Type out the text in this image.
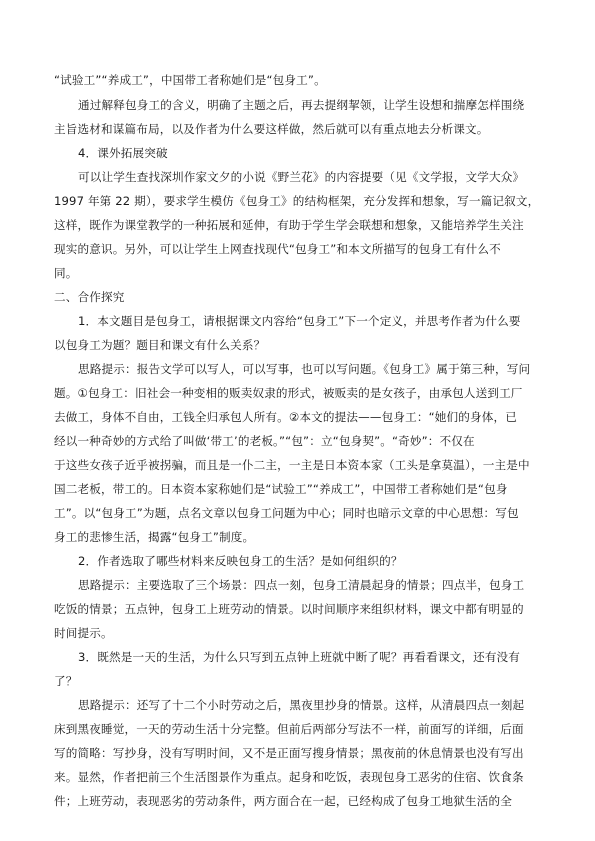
“试验工”“养成工”，中国带工者称她们是“包身工”。
通过解释包身工的含义，明确了主题之后，再去提纲挈领，让学生设想和揣摩怎样围绕
主旨选材和谋篇布局，以及作者为什么要这样做，然后就可以有重点地去分析课文。
4．课外拓展突破
可以让学生查找深圳作家文夕的小说《野兰花》的内容提要（见《文学报，文学大众》
1997 年第 22 期），要求学生模仿《包身工》的结构框架，充分发挥和想象，写一篇记叙文，
这样，既作为课堂教学的一种拓展和延伸，有助于学生学会联想和想象，又能培养学生关注
现实的意识。另外，可以让学生上网查找现代“包身工”和本文所描写的包身工有什么不
同。
二、合作探究
1．本文题目是包身工，请根据课文内容给“包身工”下一个定义，并思考作者为什么要
以包身工为题？题目和课文有什么关系？
思路提示：报告文学可以写人，可以写事，也可以写问题。《包身工》属于第三种，写问
题。①包身工：旧社会一种变相的贩卖奴隶的形式，被贩卖的是女孩子，由承包人送到工厂
去做工，身体不自由，工钱全归承包人所有。②本文的提法——包身工：“她们的身体，已
经以一种奇妙的方式给了叫做‘带工’的老板。”“包”：立“包身契”。“奇妙”：不仅在
于这些女孩子近乎被拐骗，而且是一仆二主，一主是日本资本家（工头是拿莫温），一主是中
国二老板，带工的。日本资本家称她们是“试验工”“养成工”，中国带工者称她们是“包身
工”。以“包身工”为题，点名文章以包身工问题为中心；同时也暗示文章的中心思想：写包
身工的悲惨生活，揭露“包身工”制度。
2．作者选取了哪些材料来反映包身工的生活？是如何组织的？
思路提示：主要选取了三个场景：四点一刻，包身工清晨起身的情景；四点半，包身工
吃饭的情景；五点钟，包身工上班劳动的情景。以时间顺序来组织材料，课文中都有明显的
时间提示。
3．既然是一天的生活，为什么只写到五点钟上班就中断了呢？再看看课文，还有没有
了？
思路提示：还写了十二个小时劳动之后，黑夜里抄身的情景。这样，从清晨四点一刻起
床到黑夜睡觉，一天的劳动生活十分完整。但前后两部分写法不一样，前面写的详细，后面
写的简略：写抄身，没有写明时间，又不是正面写搜身情景；黑夜前的休息情景也没有写出
来。显然，作者把前三个生活图景作为重点。起身和吃饭，表现包身工恶劣的住宿、饮食条
件；上班劳动，表现恶劣的劳动条件，两方面合在一起，已经构成了包身工地狱生活的全
